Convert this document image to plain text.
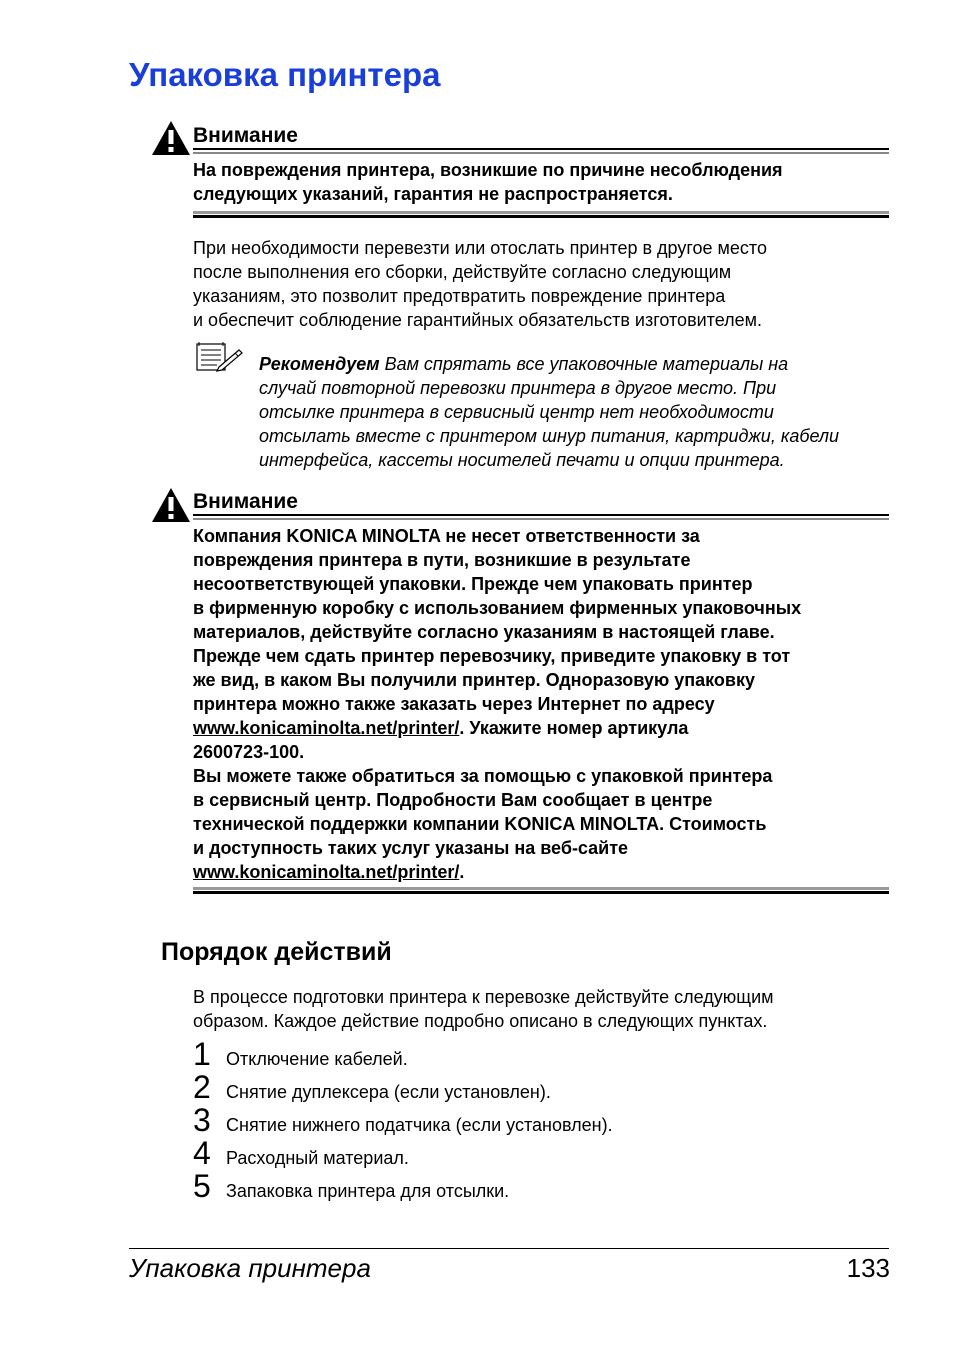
Упаковка принтера
Внимание
На повреждения принтера, возникшие по причине несоблюдения
следующих указаний, гарантия не распространяется.
При необходимости перевезти или отослать принтер в другое место
после выполнения его сборки, действуйте согласно следующим
указаниям, это позволит предотвратить повреждение принтера
и обеспечит соблюдение гарантийных обязательств изготовителем.
Рекомендуем Вам спрятать все упаковочные материалы на
случай повторной перевозки принтера в другое место. При
отсылке принтера в сервисный центр нет необходимости
отсылать вместе с принтером шнур питания, картриджи, кабели
интерфейса, кассеты носителей печати и опции принтера.
Внимание
Компания KONICA MINOLTA не несет ответственности за
повреждения принтера в пути, возникшие в результате
несоответствующей упаковки. Прежде чем упаковать принтер
в фирменную коробку с использованием фирменных упаковочных
материалов, действуйте согласно указаниям в настоящей главе.
Прежде чем сдать принтер перевозчику, приведите упаковку в тот
же вид, в каком Вы получили принтер. Одноразовую упаковку
принтера можно также заказать через Интернет по адресу
www.konicaminolta.net/printer/. Укажите номер артикула
2600723-100.
Вы можете также обратиться за помощью с упаковкой принтера
в сервисный центр. Подробности Вам сообщает в центре
технической поддержки компании KONICA MINOLTA. Стоимость
и доступность таких услуг указаны на веб-сайте
www.konicaminolta.net/printer/.
Порядок действий
В процессе подготовки принтера к перевозке действуйте следующим
образом. Каждое действие подробно описано в следующих пунктах.
1 Отключение кабелей.
2 Снятие дуплексера (если установлен).
3 Снятие нижнего податчика (если установлен).
4 Расходный материал.
5 Запаковка принтера для отсылки.
Упаковка принтера	133
